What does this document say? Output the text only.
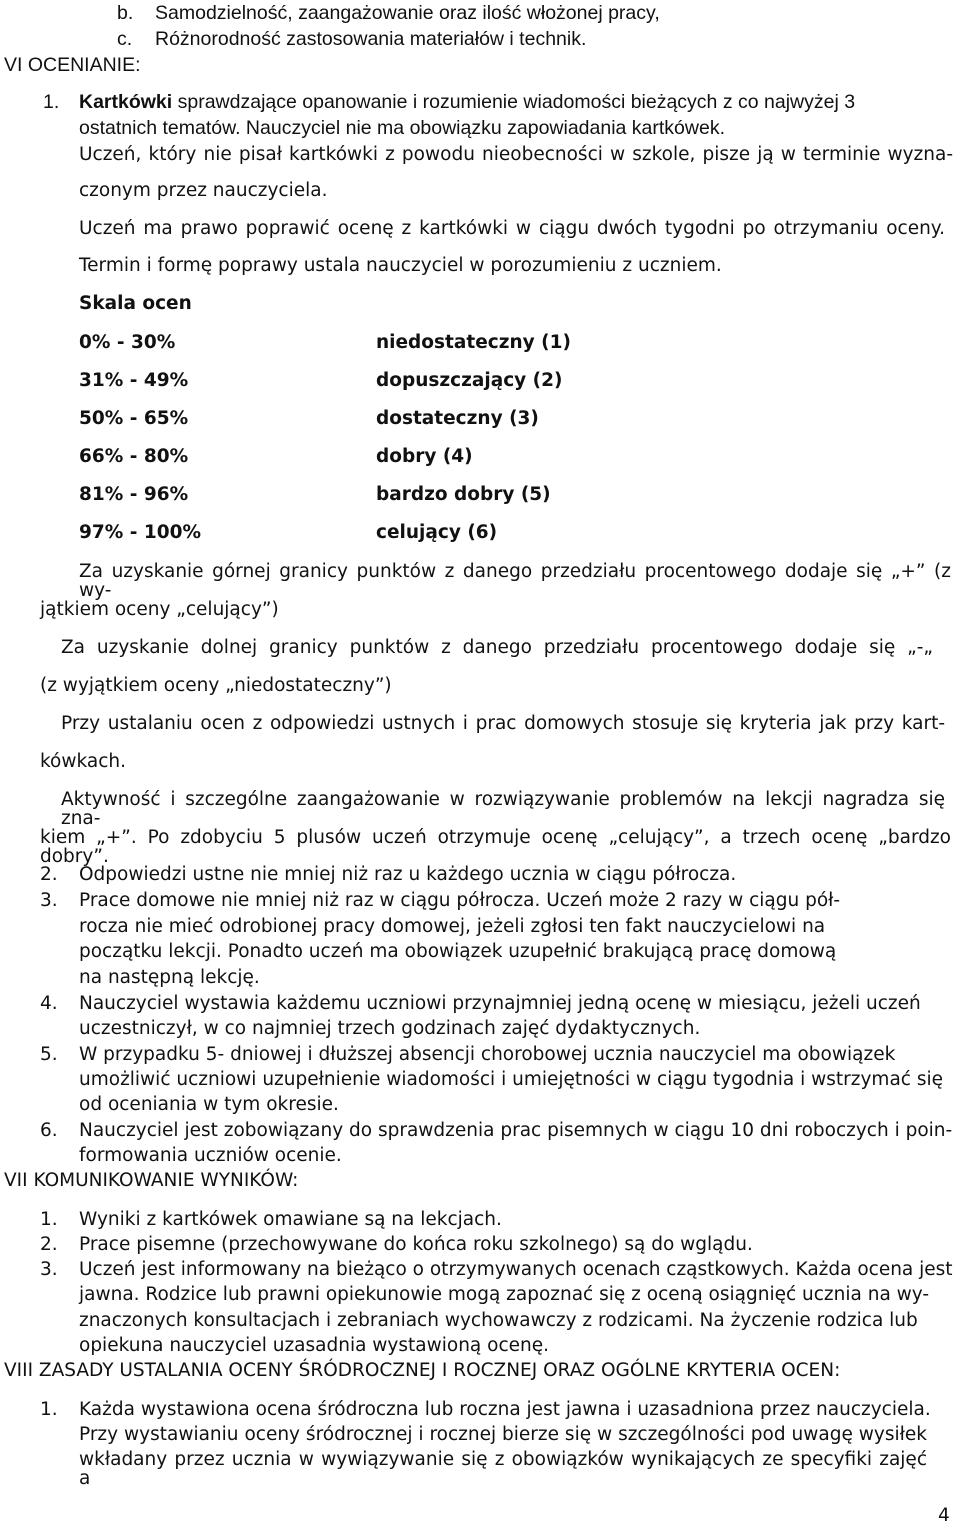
b. Samodzielność, zaangażowanie oraz ilość włożonej pracy,
c. Różnorodność zastosowania materiałów i technik.
VI OCENIANIE:
1. Kartkówki sprawdzające opanowanie i rozumienie wiadomości bieżących z co najwyżej 3
ostatnich tematów. Nauczyciel nie ma obowiązku zapowiadania kartkówek.
Uczeń, który nie pisał kartkówki z powodu nieobecności w szkole, pisze ją w terminie wyzna-
czonym przez nauczyciela.
Uczeń ma prawo poprawić ocenę z kartkówki w ciągu dwóch tygodni po otrzymaniu oceny.
Termin i formę poprawy ustala nauczyciel w porozumieniu z uczniem.
Skala ocen
0% - 30%	niedostateczny (1)
31% - 49%	dopuszczający (2)
50% - 65%	dostateczny (3)
66% - 80%	dobry (4)
81% - 96%	bardzo dobry (5)
97% - 100%	celujący (6)
Za uzyskanie górnej granicy punktów z danego przedziału procentowego dodaje się „+” (z wy-
jątkiem oceny „celujący”)
Za uzyskanie dolnej granicy punktów z danego przedziału procentowego dodaje się „-„
(z wyjątkiem oceny „niedostateczny”)
Przy ustalaniu ocen z odpowiedzi ustnych i prac domowych stosuje się kryteria jak przy kart-
kówkach.
Aktywność i szczególne zaangażowanie w rozwiązywanie problemów na lekcji nagradza się zna-
kiem „+”. Po zdobyciu 5 plusów uczeń otrzymuje ocenę „celujący”, a trzech ocenę „bardzo dobry”.
2. Odpowiedzi ustne nie mniej niż raz u każdego ucznia w ciągu półrocza.
3. Prace domowe nie mniej niż raz w ciągu półrocza. Uczeń może 2 razy w ciągu pół-
rocza nie mieć odrobionej pracy domowej, jeżeli zgłosi ten fakt nauczycielowi na
początku lekcji. Ponadto uczeń ma obowiązek uzupełnić brakującą pracę domową
na następną lekcję.
4. Nauczyciel wystawia każdemu uczniowi przynajmniej jedną ocenę w miesiącu, jeżeli uczeń
uczestniczył, w co najmniej trzech godzinach zajęć dydaktycznych.
5. W przypadku 5- dniowej i dłuższej absencji chorobowej ucznia nauczyciel ma obowiązek
umożliwić uczniowi uzupełnienie wiadomości i umiejętności w ciągu tygodnia i wstrzymać się
od oceniania w tym okresie.
6. Nauczyciel jest zobowiązany do sprawdzenia prac pisemnych w ciągu 10 dni roboczych i poin-
formowania uczniów ocenie.
VII KOMUNIKOWANIE WYNIKÓW:
1. Wyniki z kartkówek omawiane są na lekcjach.
2. Prace pisemne (przechowywane do końca roku szkolnego) są do wglądu.
3. Uczeń jest informowany na bieżąco o otrzymywanych ocenach cząstkowych. Każda ocena jest
jawna. Rodzice lub prawni opiekunowie mogą zapoznać się z oceną osiągnięć ucznia na wy-
znaczonych konsultacjach i zebraniach wychowawczy z rodzicami. Na życzenie rodzica lub
opiekuna nauczyciel uzasadnia wystawioną ocenę.
VIII ZASADY USTALANIA OCENY ŚRÓDROCZNEJ I ROCZNEJ ORAZ OGÓLNE KRYTERIA OCEN:
1. Każda wystawiona ocena śródroczna lub roczna jest jawna i uzasadniona przez nauczyciela.
Przy wystawianiu oceny śródrocznej i rocznej bierze się w szczególności pod uwagę wysiłek
wkładany przez ucznia w wywiązywanie się z obowiązków wynikających ze specyfiki zajęć a
4
